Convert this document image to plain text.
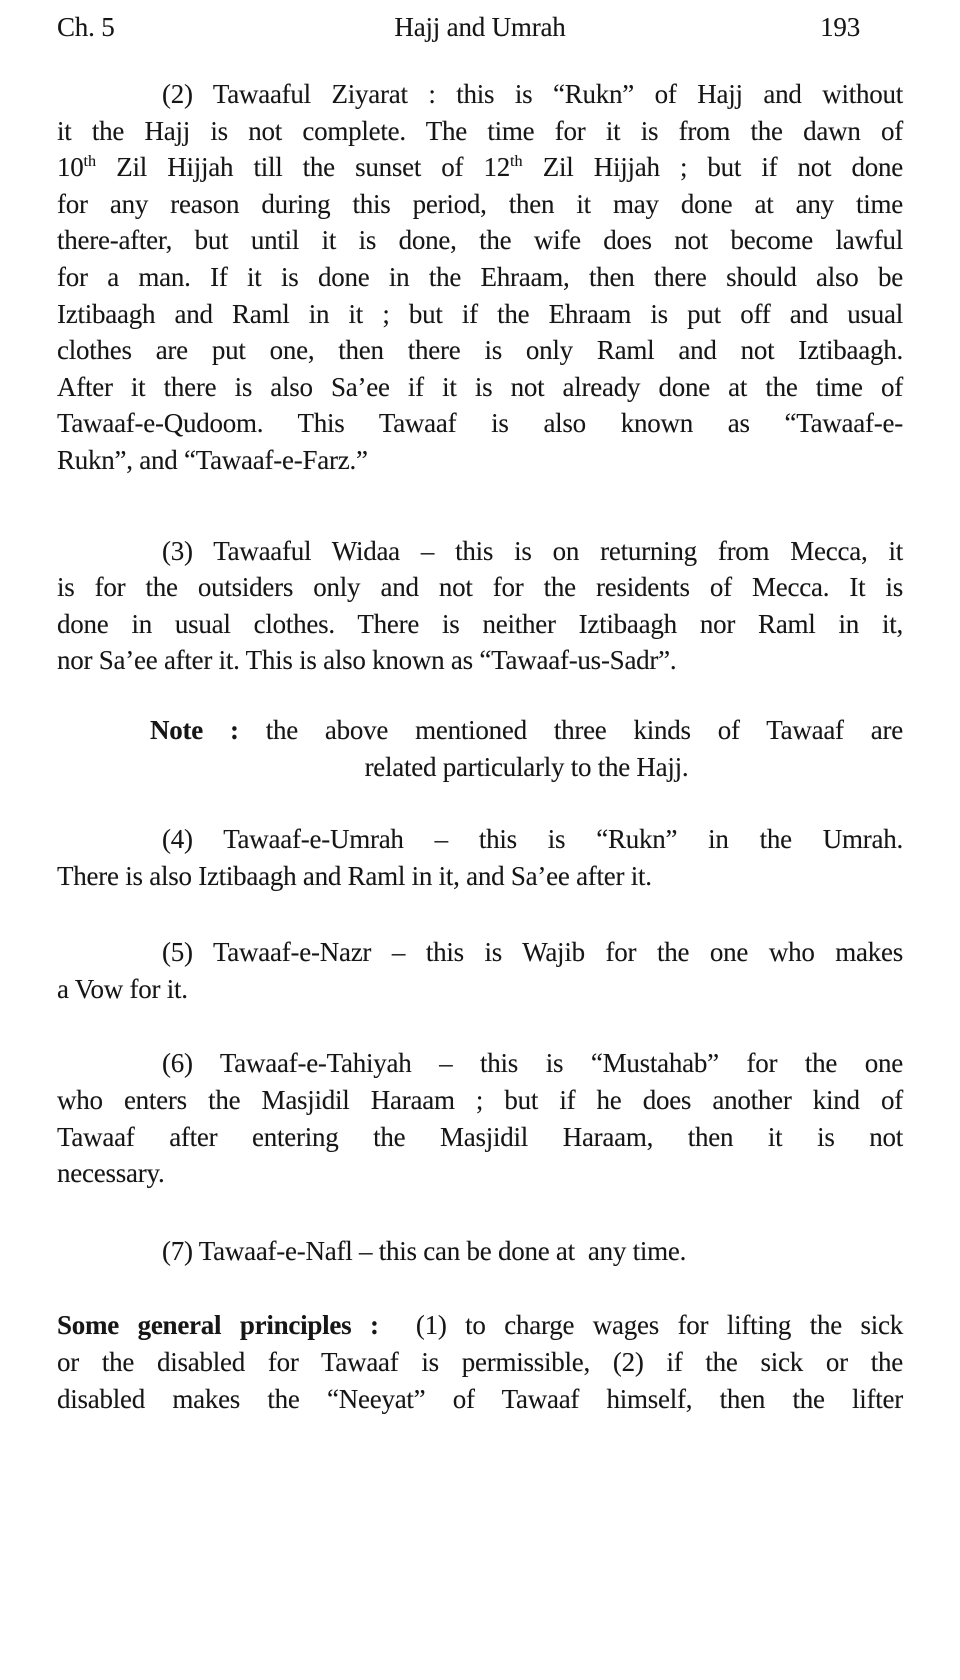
Ch. 5	Hajj and Umrah	193
(2) Tawaaful Ziyarat : this is “Rukn” of Hajj and without
it the Hajj is not complete. The time for it is from the dawn of
10th Zil Hijjah till the sunset of 12th Zil Hijjah ; but if not done
for any reason during this period, then it may done at any time
there-after, but until it is done, the wife does not become lawful
for a man. If it is done in the Ehraam, then there should also be
Iztibaagh and Raml in it ; but if the Ehraam is put off and usual
clothes are put one, then there is only Raml and not Iztibaagh.
After it there is also Sa’ee if it is not already done at the time of
Tawaaf-e-Qudoom. This Tawaaf is also known as “Tawaaf-e-
Rukn”, and “Tawaaf-e-Farz.”
(3) Tawaaful Widaa – this is on returning from Mecca, it
is for the outsiders only and not for the residents of Mecca. It is
done in usual clothes. There is neither Iztibaagh nor Raml in it,
nor Sa’ee after it. This is also known as “Tawaaf-us-Sadr”.
Note : the above mentioned three kinds of Tawaaf are
related particularly to the Hajj.
(4) Tawaaf-e-Umrah – this is “Rukn” in the Umrah.
There is also Iztibaagh and Raml in it, and Sa’ee after it.
(5) Tawaaf-e-Nazr – this is Wajib for the one who makes
a Vow for it.
(6) Tawaaf-e-Tahiyah – this is “Mustahab” for the one
who enters the Masjidil Haraam ; but if he does another kind of
Tawaaf after entering the Masjidil Haraam, then it is not
necessary.
(7) Tawaaf-e-Nafl – this can be done at  any time.
Some general principles :  (1) to charge wages for lifting the sick
or the disabled for Tawaaf is permissible, (2) if the sick or the
disabled makes the “Neeyat” of Tawaaf himself, then the lifter
